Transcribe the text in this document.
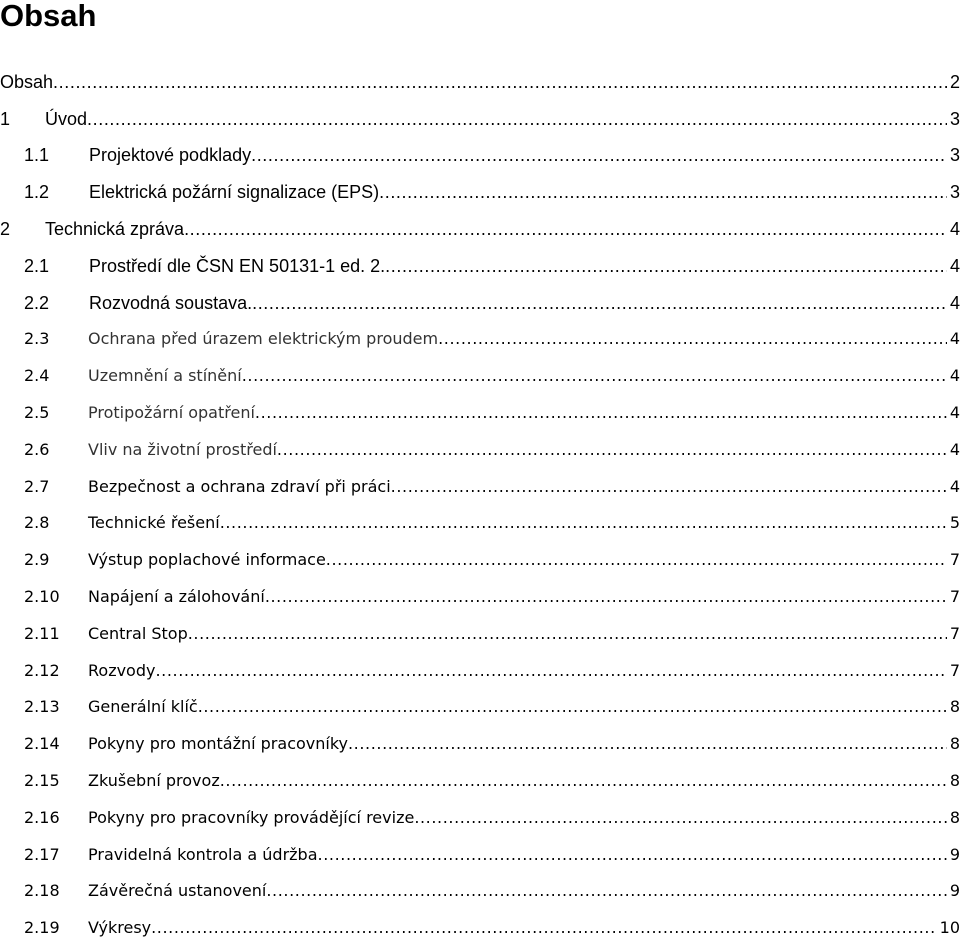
Obsah
Obsah .....	2
1	Úvod .....	3
1.1	Projektové podklady .....	3
1.2	Elektrická požární signalizace (EPS) .....	3
2	Technická zpráva .....	4
2.1	Prostředí dle ČSN EN 50131-1 ed. 2. .....	4
2.2	Rozvodná soustava. .....	4
2.3	Ochrana před úrazem elektrickým proudem .....	4
2.4	Uzemnění a stínění .....	4
2.5	Protipožární opatření .....	4
2.6	Vliv na životní prostředí .....	4
2.7	Bezpečnost a ochrana zdraví při práci .....	4
2.8	Technické řešení .....	5
2.9	Výstup poplachové informace .....	7
2.10	Napájení a zálohování .....	7
2.11	Central Stop .....	7
2.12	Rozvody .....	7
2.13	Generální klíč .....	8
2.14	Pokyny pro montážní pracovníky .....	8
2.15	Zkušební provoz .....	8
2.16	Pokyny pro pracovníky provádějící revize .....	8
2.17	Pravidelná kontrola a údržba .....	9
2.18	Závěrečná ustanovení .....	9
2.19	Výkresy .....	10
